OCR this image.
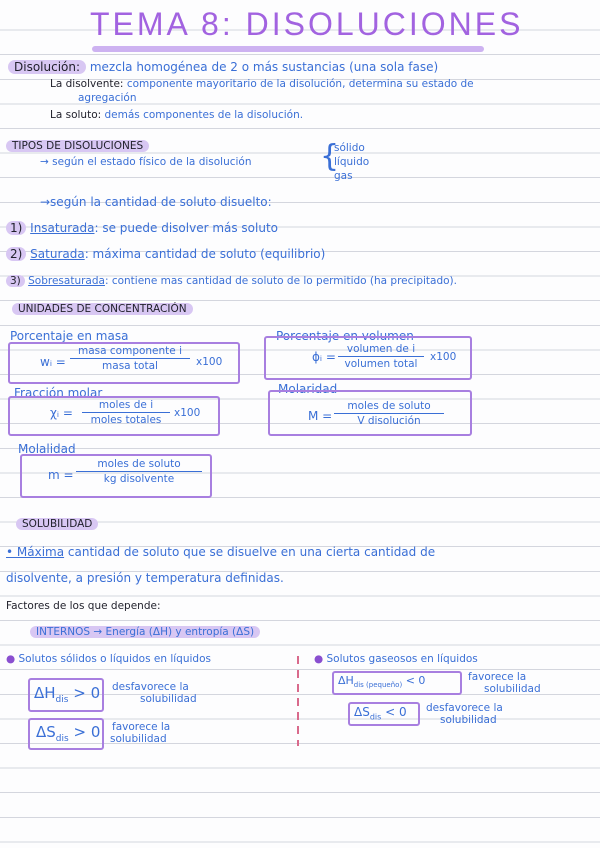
TEMA 8: DISOLUCIONES
Disolución: mezcla homogénea de 2 o más sustancias (una sola fase)
La disolvente: componente mayoritario de la disolución, determina su estado de
agregación
La soluto: demás componentes de la disolución.
TIPOS DE DISOLUCIONES
→ según el estado físico de la disolución {
sólido
líquido
gas
→según la cantidad de soluto disuelto:
1) Insaturada: se puede disolver más soluto
2) Saturada: máxima cantidad de soluto (equilibrio)
3) Sobresaturada: contiene mas cantidad de soluto de lo permitido (ha precipitado).
UNIDADES DE CONCENTRACIÓN
Porcentaje en masa
wᵢ =
masa componente i
masa total	x100
Porcentaje en volumen
ϕᵢ =
volumen de i
volumen total
x100
Fracción molar
χᵢ =
moles de i
moles totales
x100
Molaridad
M =
moles de soluto
V disolución
Molalidad
m =
moles de soluto
kg disolvente
SOLUBILIDAD
• Máxima cantidad de soluto que se disuelve en una cierta cantidad de
disolvente, a presión y temperatura definidas.
Factores de los que depende:
INTERNOS → Energía (ΔH) y entropía (ΔS)
● Solutos sólidos o líquidos en líquidos
$\Delta H_{dis} > 0$ desfavorece la
solubilidad
$\Delta S_{dis} > 0$ favorece la
solubilidad
● Solutos gaseosos en líquidos
$\Delta H_{dis (pequeño)} < 0$	favorece la
solubilidad
$\Delta S_{dis} < 0$ desfavorece la
solubilidad
